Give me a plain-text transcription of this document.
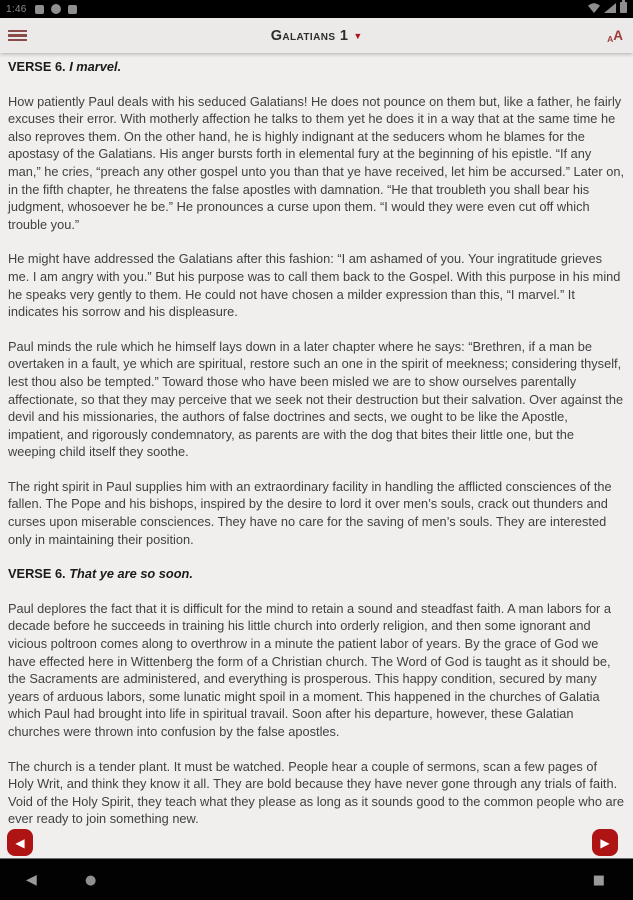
1:46
Galatians 1 ▼	A A
VERSE 6. I marvel.

How patiently Paul deals with his seduced Galatians! He does not pounce on them but, like a father, he fairly excuses their error. With motherly affection he talks to them yet he does it in a way that at the same time he also reproves them. On the other hand, he is highly indignant at the seducers whom he blames for the apostasy of the Galatians. His anger bursts forth in elemental fury at the beginning of his epistle. “If any man,” he cries, “preach any other gospel unto you than that ye have received, let him be accursed.” Later on, in the fifth chapter, he threatens the false apostles with damnation. “He that troubleth you shall bear his judgment, whosoever he be.” He pronounces a curse upon them. “I would they were even cut off which trouble you.”

He might have addressed the Galatians after this fashion: “I am ashamed of you. Your ingratitude grieves me. I am angry with you.” But his purpose was to call them back to the Gospel. With this purpose in his mind he speaks very gently to them. He could not have chosen a milder expression than this, “I marvel.” It indicates his sorrow and his displeasure.

Paul minds the rule which he himself lays down in a later chapter where he says: “Brethren, if a man be overtaken in a fault, ye which are spiritual, restore such an one in the spirit of meekness; considering thyself, lest thou also be tempted.” Toward those who have been misled we are to show ourselves parentally affectionate, so that they may perceive that we seek not their destruction but their salvation. Over against the devil and his missionaries, the authors of false doctrines and sects, we ought to be like the Apostle, impatient, and rigorously condemnatory, as parents are with the dog that bites their little one, but the weeping child itself they soothe.

The right spirit in Paul supplies him with an extraordinary facility in handling the afflicted consciences of the fallen. The Pope and his bishops, inspired by the desire to lord it over men’s souls, crack out thunders and curses upon miserable consciences. They have no care for the saving of men’s souls. They are interested only in maintaining their position.

VERSE 6. That ye are so soon.

Paul deplores the fact that it is difficult for the mind to retain a sound and steadfast faith. A man labors for a decade before he succeeds in training his little church into orderly religion, and then some ignorant and vicious poltroon comes along to overthrow in a minute the patient labor of years. By the grace of God we have effected here in Wittenberg the form of a Christian church. The Word of God is taught as it should be, the Sacraments are administered, and everything is prosperous. This happy condition, secured by many years of arduous labors, some lunatic might spoil in a moment. This happened in the churches of Galatia which Paul had brought into life in spiritual travail. Soon after his departure, however, these Galatian churches were thrown into confusion by the false apostles.

The church is a tender plant. It must be watched. People hear a couple of sermons, scan a few pages of Holy Writ, and think they know it all. They are bold because they have never gone through any trials of faith. Void of the Holy Spirit, they teach what they please as long as it sounds good to the common people who are ever ready to join something new.

◀	▶
◀	●	■
